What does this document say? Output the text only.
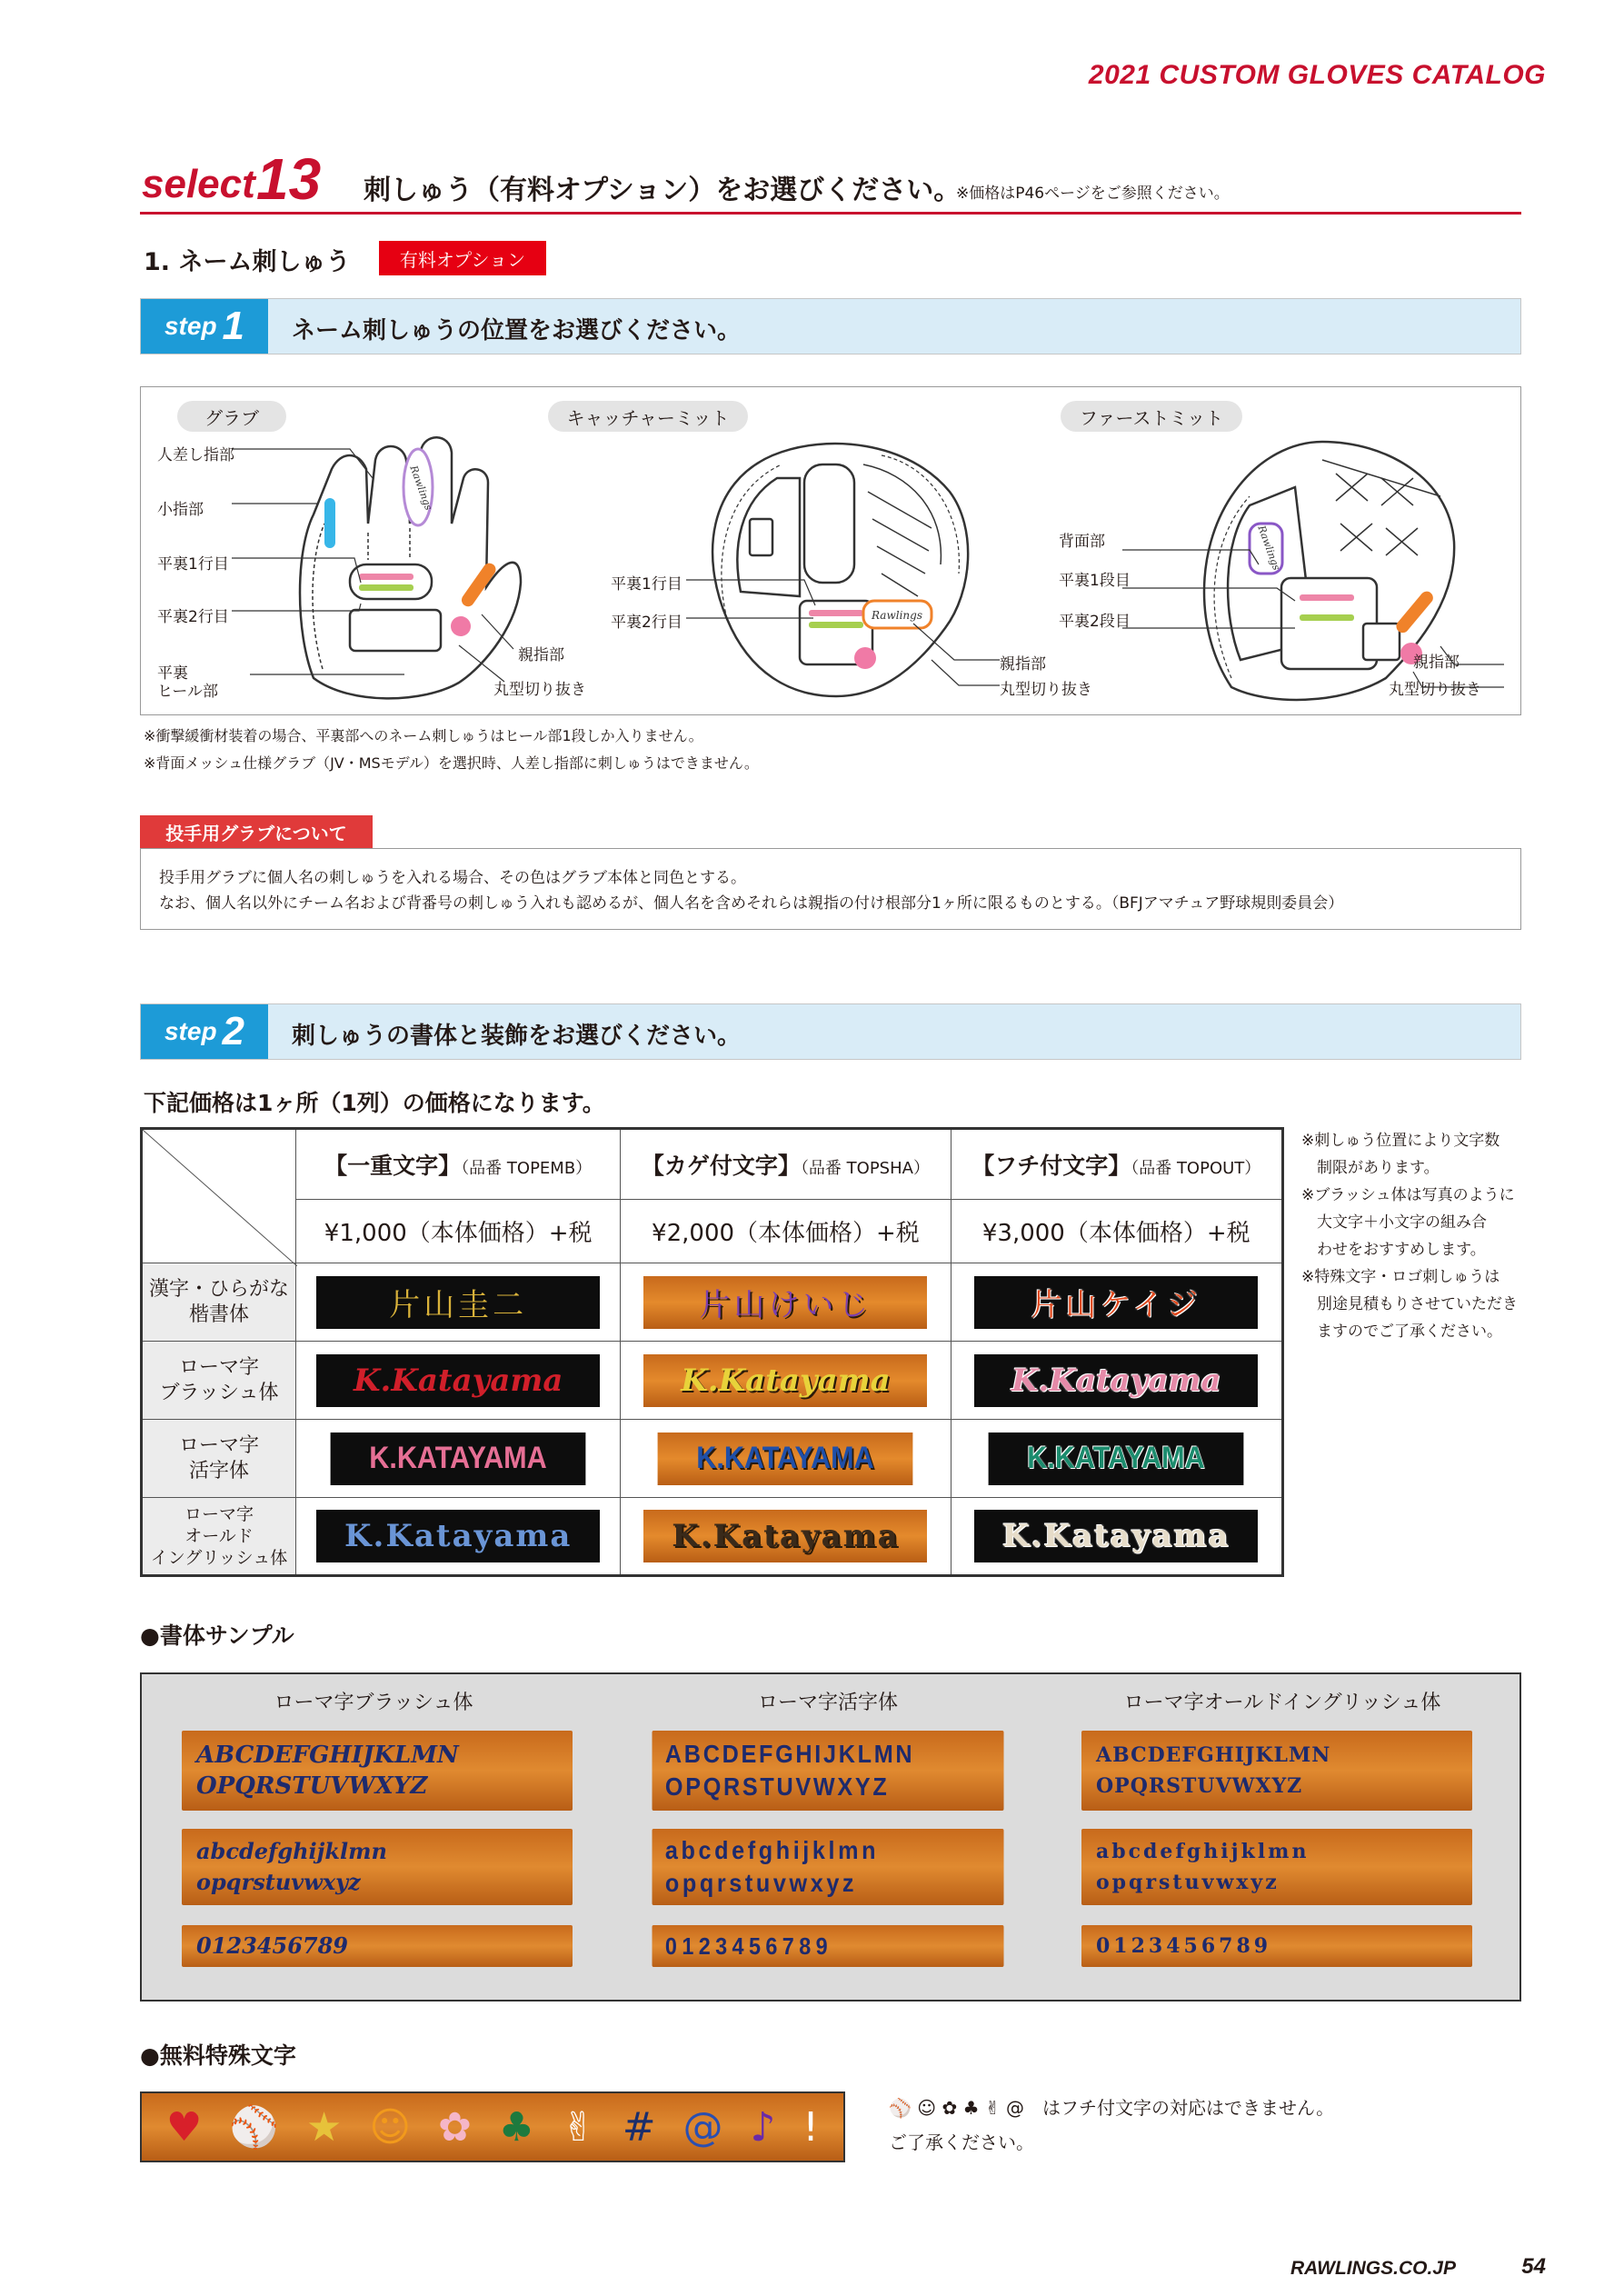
2021 CUSTOM GLOVES CATALOG
select 13 刺しゅう（有料オプション）をお選びください。
※価格はP46ページをご参照ください。
1. ネーム刺しゅう	有料オプション
step 1 ネーム刺しゅうの位置をお選びください。
グラブ	キャッチャーミット	ファーストミット
Rawlings
人差し指部
小指部
平裏1行目
平裏2行目
平裏
ヒール部
親指部
丸型切り抜き
Rawlings
平裏1行目
平裏2行目
親指部
丸型切り抜き
Rawlings
背面部
平裏1段目
平裏2段目
親指部
丸型切り抜き
※衝撃緩衝材装着の場合、平裏部へのネーム刺しゅうはヒール部1段しか入りません。
※背面メッシュ仕様グラブ（JV・MSモデル）を選択時、人差し指部に刺しゅうはできません。
投手用グラブについて
投手用グラブに個人名の刺しゅうを入れる場合、その色はグラブ本体と同色とする。
なお、個人名以外にチーム名および背番号の刺しゅう入れも認めるが、個人名を含めそれらは親指の付け根部分1ヶ所に限るものとする。（BFJアマチュア野球規則委員会）
step 2 刺しゅうの書体と装飾をお選びください。
下記価格は1ヶ所（1列）の価格になります。
	【一重文字】（品番 TOPEMB）	【カゲ付文字】（品番 TOPSHA）	【フチ付文字】（品番 TOPOUT）
	¥1,000（本体価格）+税	¥2,000（本体価格）+税	¥3,000（本体価格）+税

漢字・ひらがな
楷書体	片山圭二	片山けいじ	片山ケイジ

ローマ字
ブラッシュ体	K.Katayama	K.Katayama	K.Katayama

ローマ字
活字体	K.KATAYAMA	K.KATAYAMA	K.KATAYAMA

ローマ字
オールド
イングリッシュ体	K.Katayama	K.Katayama	K.Katayama
※刺しゅう位置により文字数
　制限があります。
※ブラッシュ体は写真のように
　大文字＋小文字の組み合
　わせをおすすめします。
※特殊文字・ロゴ刺しゅうは
　別途見積もりさせていただき
　ますのでご了承ください。
●書体サンプル
ローマ字ブラッシュ体	ローマ字活字体	ローマ字オールドイングリッシュ体
ABCDEFGHIJKLMN
OPQRSTUVWXYZ
abcdefghijklmn
opqrstuvwxyz
0123456789
ABCDEFGHIJKLMN
OPQRSTUVWXYZ
abcdefghijklmn
opqrstuvwxyz
0123456789
ABCDEFGHIJKLMN
OPQRSTUVWXYZ
abcdefghijklmn
opqrstuvwxyz
0123456789
●無料特殊文字
♥ ⚾ ★ ☺ ✿ ♣ ✌ # @ ♪ !	⚾ ☺ ✿ ♣ ✌ @　 はフチ付文字の対応はできません。
ご了承ください。
RAWLINGS.CO.JP	54
